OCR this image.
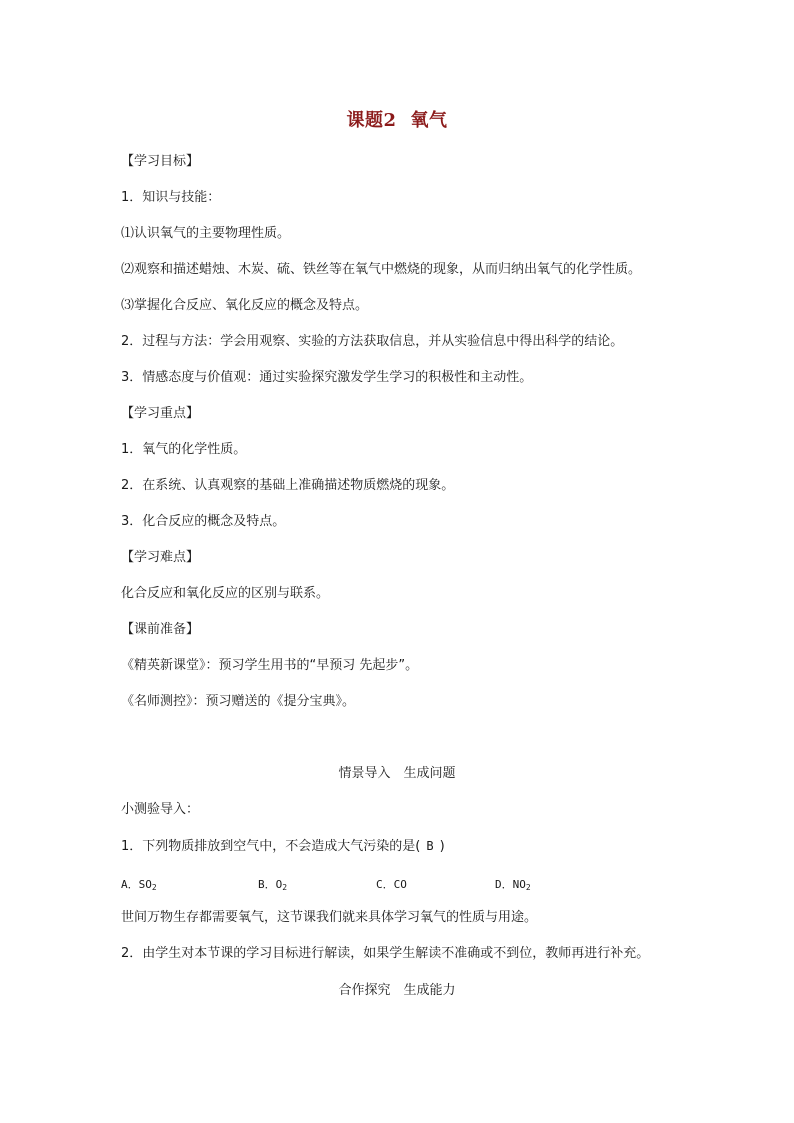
课题2 氧气
【学习目标】
1．知识与技能：
⑴认识氧气的主要物理性质。
⑵观察和描述蜡烛、木炭、硫、铁丝等在氧气中燃烧的现象，从而归纳出氧气的化学性质。
⑶掌握化合反应、氧化反应的概念及特点。
2．过程与方法：学会用观察、实验的方法获取信息，并从实验信息中得出科学的结论。
3．情感态度与价值观：通过实验探究激发学生学习的积极性和主动性。
【学习重点】
1．氧气的化学性质。
2．在系统、认真观察的基础上准确描述物质燃烧的现象。
3．化合反应的概念及特点。
【学习难点】
化合反应和氧化反应的区别与联系。
【课前准备】
《精英新课堂》：预习学生用书的“早预习 先起步”。
《名师测控》：预习赠送的《提分宝典》。
情景导入　生成问题
小测验导入：
1．下列物质排放到空气中，不会造成大气污染的是( B )
A．$SO_2$	B．$O_2$	C．CO	D．$NO_2$
世间万物生存都需要氧气，这节课我们就来具体学习氧气的性质与用途。
2．由学生对本节课的学习目标进行解读，如果学生解读不准确或不到位，教师再进行补充。
合作探究　生成能力
